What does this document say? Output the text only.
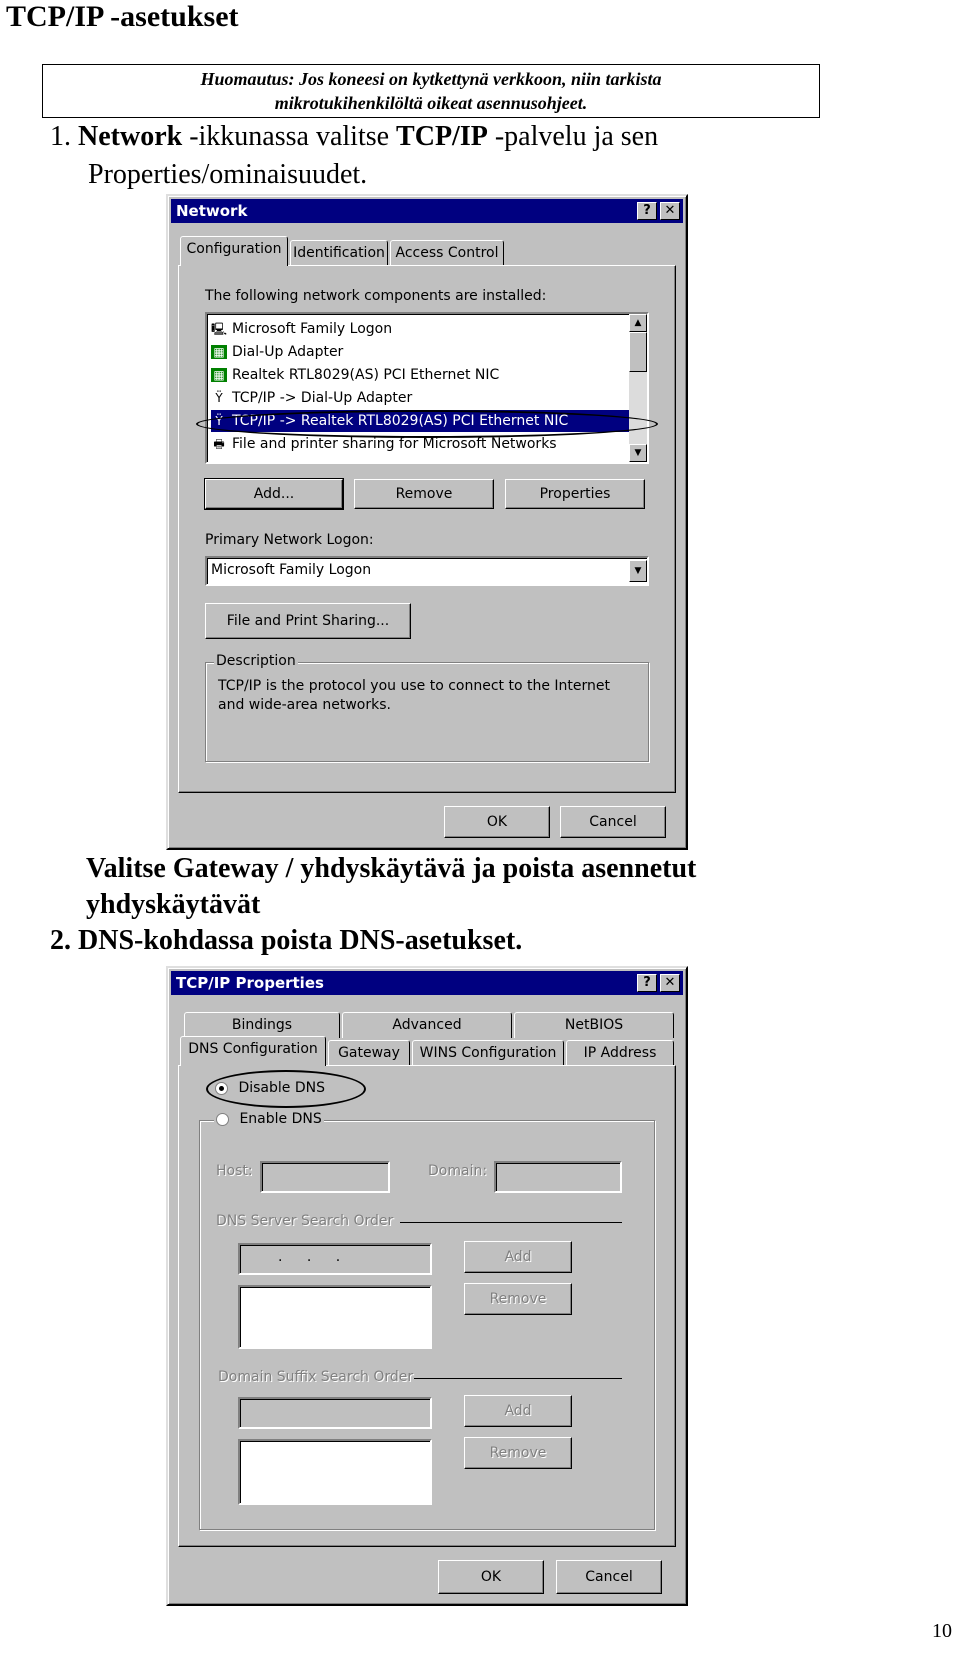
TCP/IP -asetukset
Huomautus: Jos koneesi on kytkettynä verkkoon, niin tarkista
mikrotukihenkilöltä oikeat asennusohjeet.
1. Network -ikkunassa valitse TCP/IP -palvelu ja sen
Properties/ominaisuudet.
Network	?	✕
Configuration Identification Access Control
The following network components are installed:
🖳 Microsoft Family Logon
▦ Dial-Up Adapter
▦ Realtek RTL8029(AS) PCI Ethernet NIC
Ÿ TCP/IP -> Dial-Up Adapter
Ÿ TCP/IP -> Realtek RTL8029(AS) PCI Ethernet NIC
🖶 File and printer sharing for Microsoft Networks
▲
▼
Add...	Remove	Properties
Primary Network Logon:
Microsoft Family Logon	▼
File and Print Sharing...
Description
TCP/IP is the protocol you use to connect to the Internet and wide-area networks.
OK	Cancel
Valitse Gateway / yhdyskäytävä ja poista asennetut
yhdyskäytävät
2. DNS-kohdassa poista DNS-asetukset.
TCP/IP Properties	?	✕
Bindings	Advanced	NetBIOS
DNS Configuration	Gateway	WINS Configuration	IP Address
Disable DNS
Enable DNS
Host:	Domain:
DNS Server Search Order
. . .	Add
Remove
Domain Suffix Search Order
Add
Remove
OK	Cancel
10
